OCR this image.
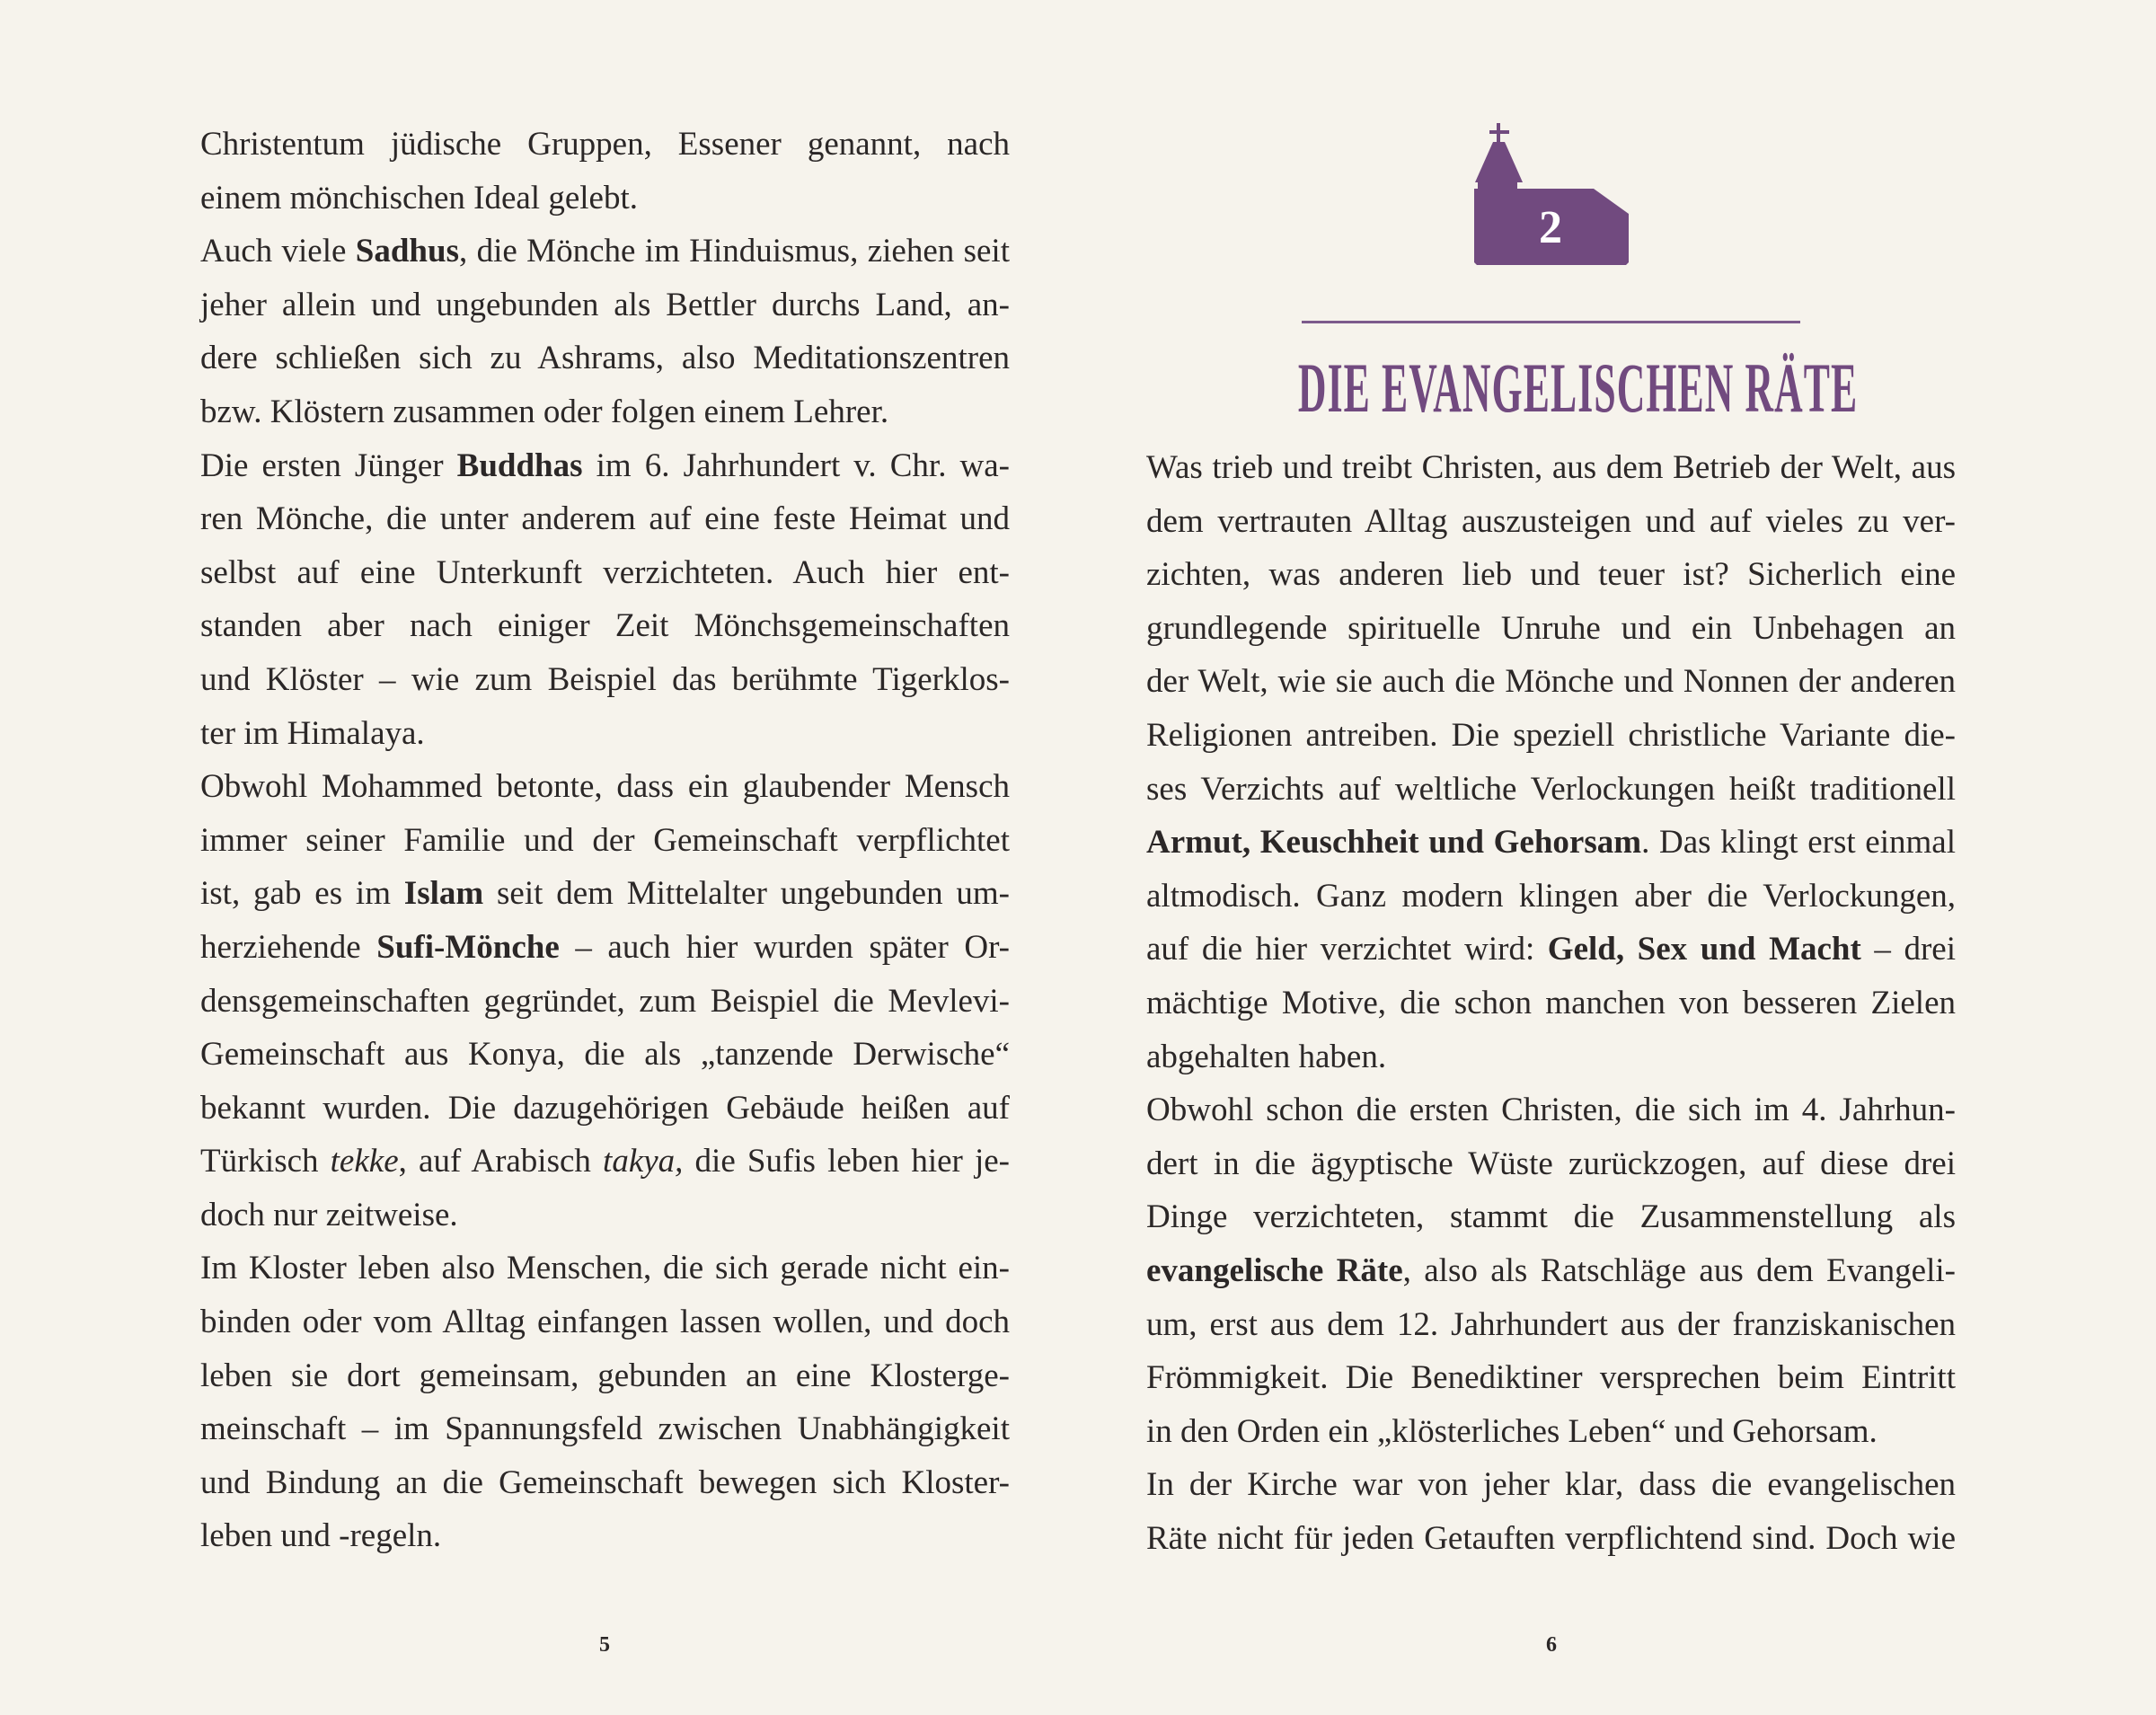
Christentum jüdische Gruppen, Essener genannt, nach
einem mönchischen Ideal gelebt.
Auch viele Sadhus, die Mönche im Hinduismus, ziehen seit
jeher allein und ungebunden als Bettler durchs Land, an-
dere schließen sich zu Ashrams, also Meditationszentren
bzw. Klöstern zusammen oder folgen einem Lehrer.
Die ersten Jünger Buddhas im 6. Jahrhundert v. Chr. wa-
ren Mönche, die unter anderem auf eine feste Heimat und
selbst auf eine Unterkunft verzichteten. Auch hier ent-
standen aber nach einiger Zeit Mönchsgemeinschaften
und Klöster – wie zum Beispiel das berühmte Tigerklos-
ter im Himalaya.
Obwohl Mohammed betonte, dass ein glaubender Mensch
immer seiner Familie und der Gemeinschaft verpflichtet
ist, gab es im Islam seit dem Mittelalter ungebunden um-
herziehende Sufi-Mönche – auch hier wurden später Or-
densgemeinschaften gegründet, zum Beispiel die Mevlevi-
Gemeinschaft aus Konya, die als „tanzende Derwische“
bekannt wurden. Die dazugehörigen Gebäude heißen auf
Türkisch tekke, auf Arabisch takya, die Sufis leben hier je-
doch nur zeitweise.
Im Kloster leben also Menschen, die sich gerade nicht ein-
binden oder vom Alltag einfangen lassen wollen, und doch
leben sie dort gemeinsam, gebunden an eine Klosterge-
meinschaft – im Spannungsfeld zwischen Unabhängigkeit
und Bindung an die Gemeinschaft bewegen sich Kloster-
leben und -regeln.
2
DIE EVANGELISCHEN RÄTE
Was trieb und treibt Christen, aus dem Betrieb der Welt, aus
dem vertrauten Alltag auszusteigen und auf vieles zu ver-
zichten, was anderen lieb und teuer ist? Sicherlich eine
grundlegende spirituelle Unruhe und ein Unbehagen an
der Welt, wie sie auch die Mönche und Nonnen der anderen
Religionen antreiben. Die speziell christliche Variante die-
ses Verzichts auf weltliche Verlockungen heißt traditionell
Armut, Keuschheit und Gehorsam. Das klingt erst einmal
altmodisch. Ganz modern klingen aber die Verlockungen,
auf die hier verzichtet wird: Geld, Sex und Macht – drei
mächtige Motive, die schon manchen von besseren Zielen
abgehalten haben.
Obwohl schon die ersten Christen, die sich im 4. Jahrhun-
dert in die ägyptische Wüste zurückzogen, auf diese drei
Dinge verzichteten, stammt die Zusammenstellung als
evangelische Räte, also als Ratschläge aus dem Evangeli-
um, erst aus dem 12. Jahrhundert aus der franziskanischen
Frömmigkeit. Die Benediktiner versprechen beim Eintritt
in den Orden ein „klösterliches Leben“ und Gehorsam.
In der Kirche war von jeher klar, dass die evangelischen
Räte nicht für jeden Getauften verpflichtend sind. Doch wie
5	6
